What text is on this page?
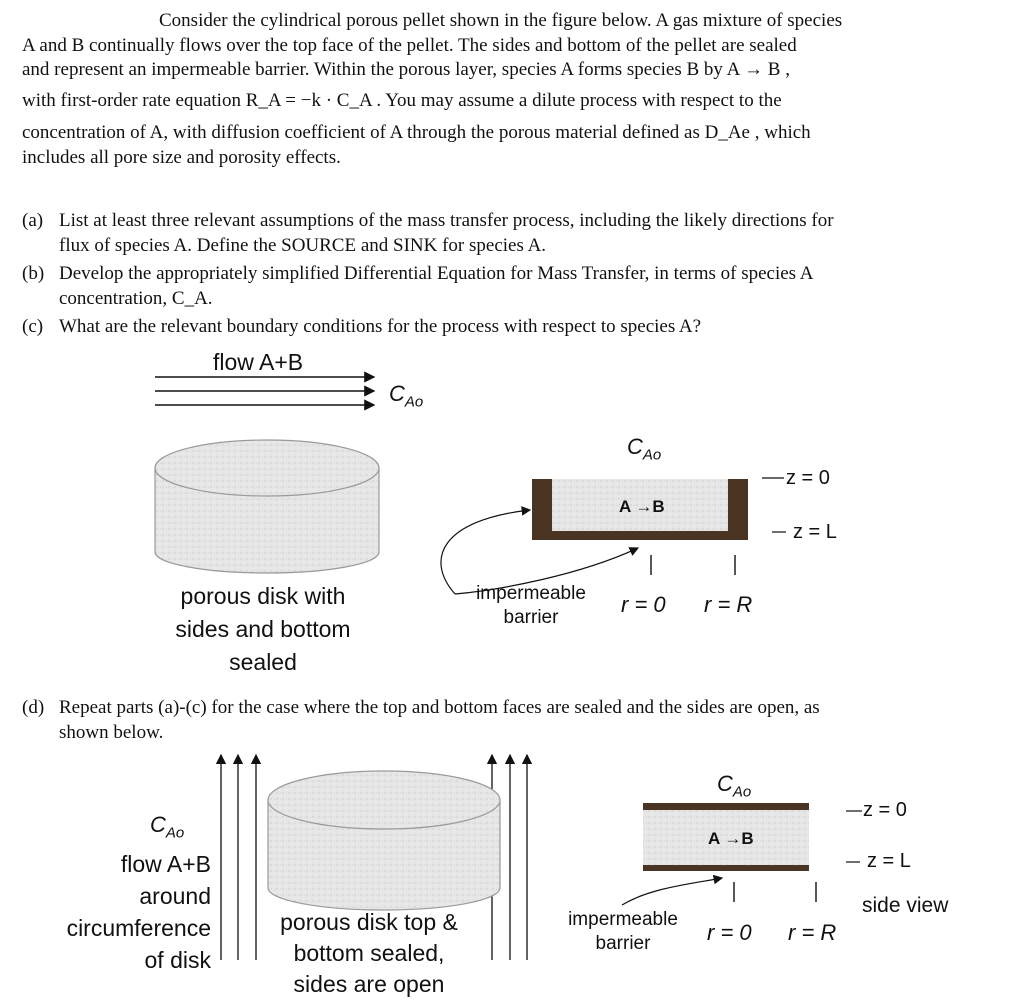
Consider the cylindrical porous pellet shown in the figure below. A gas mixture of species

A and B continually flows over the top face of the pellet. The sides and bottom of the pellet are sealed

and represent an impermeable barrier. Within the porous layer, species A forms species B by A → B ,

with first-order rate equation R_A = −k · C_A . You may assume a dilute process with respect to the

concentration of A, with diffusion coefficient of A through the porous material defined as D_Ae , which

includes all pore size and porosity effects.

(a) List at least three relevant assumptions of the mass transfer process, including the likely directions for
flux of species A. Define the SOURCE and SINK for species A.
(b) Develop the appropriately simplified Differential Equation for Mass Transfer, in terms of species A
concentration, C_A.
(c) What are the relevant boundary conditions for the process with respect to species A?
flow A+B
$C_{Ao}$
porous disk with
sides and bottom
sealed
$C_{Ao}$
A →B
z = 0
z = L
impermeable
barrier
r = 0 r = R
(d) Repeat parts (a)-(c) for the case where the top and bottom faces are sealed and the sides are open, as
shown below.
$C_{Ao}$
flow A+B
around
circumference
of disk
porous disk top &
bottom sealed,
sides are open
$C_{Ao}$
A →B
z = 0
z = L
side view
impermeable
barrier	r = 0 r = R
